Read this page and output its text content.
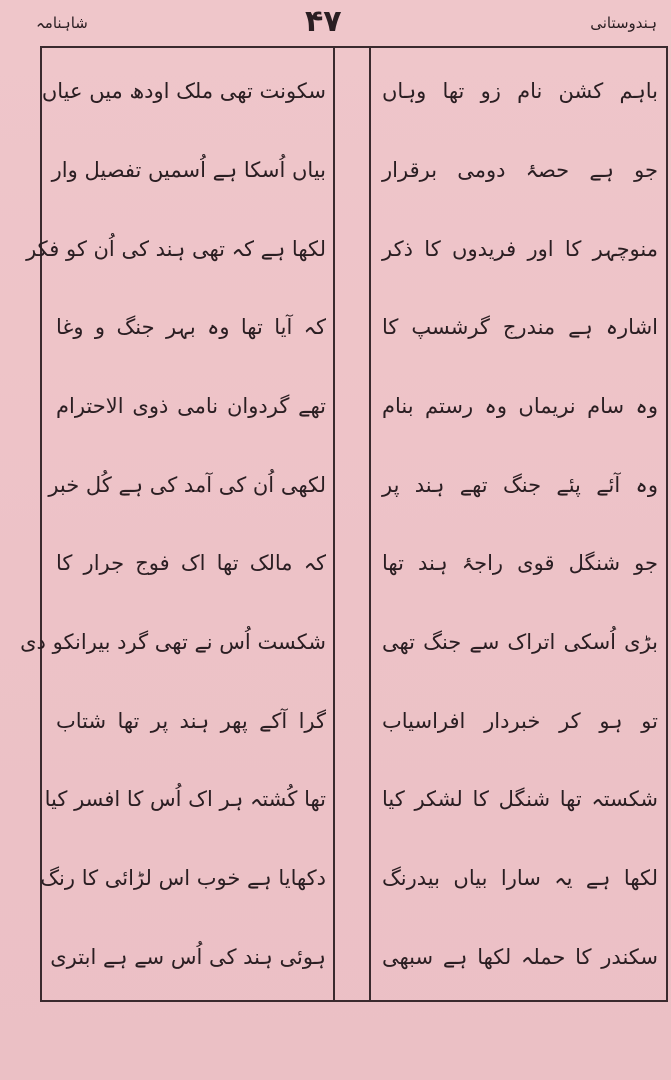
شاہنامہ	۴۷	ہندوستانی
سکونت تھی ملک اودھ میں عیاں
بیاں اُسکا ہے اُسمیں تفصیل وار
لکھا ہے کہ تھی ہند کی اُن کو فکر
کہ آیا تھا وہ بہر جنگ و وغا
تھے گردوان نامی ذوی الاحترام
لکھی اُن کی آمد کی ہے کُل خبر
کہ مالک تھا اک فوج جرار کا
شکست اُس نے تھی گرد بیرانکو دی
گرا آکے پھر ہند پر تھا شتاب
تھا کُشتہ ہر اک اُس کا افسر کیا
دکھایا ہے خوب اس لڑائی کا رنگ
ہوئی ہند کی اُس سے ہے ابتری
باہم کشن نام زو تھا وہاں
جو ہے حصۂ دومی برقرار
منوچہر کا اور فریدوں کا ذکر
اشارہ ہے مندرج گرشسپ کا
وہ سام نریماں وہ رستم بنام
وہ آئے پئے جنگ تھے ہند پر
جو شنگل قوی راجۂ ہند تھا
بڑی اُسکی اتراک سے جنگ تھی
تو ہو کر خبردار افراسیاب
شکستہ تھا شنگل کا لشکر کیا
لکھا ہے یہ سارا بیاں بیدرنگ
سکندر کا حملہ لکھا ہے سبھی
